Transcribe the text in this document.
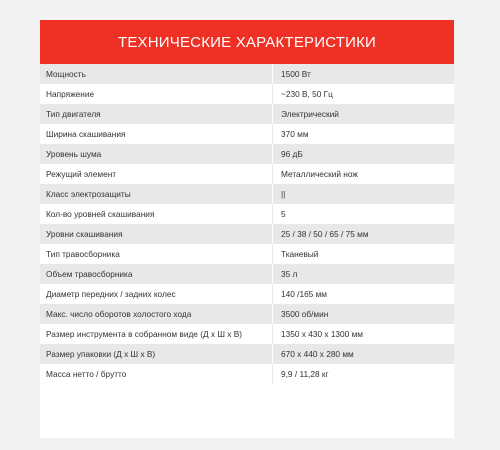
ТЕХНИЧЕСКИЕ ХАРАКТЕРИСТИКИ
Мощность	1500 Вт
Напряжение	~230 В, 50 Гц
Тип двигателя	Электрический
Ширина скашивания	370 мм
Уровень шума	96 дБ
Режущий элемент	Металлический нож
Класс электрозащиты	||
Кол-во уровней скашивания	5
Уровни скашивания	25 / 38 / 50 / 65 / 75 мм
Тип травосборника	Тканевый
Объем травосборника	35 л
Диаметр передних / задних колес	140 /165 мм
Макс. число оборотов холостого хода	3500 об/мин
Размер инструмента в собранном виде (Д х Ш х В)	1350 х 430 х 1300 мм
Размер упаковки (Д х Ш х В)	670 х 440 х 280 мм
Масса нетто / брутто	9,9 / 11,28 кг
